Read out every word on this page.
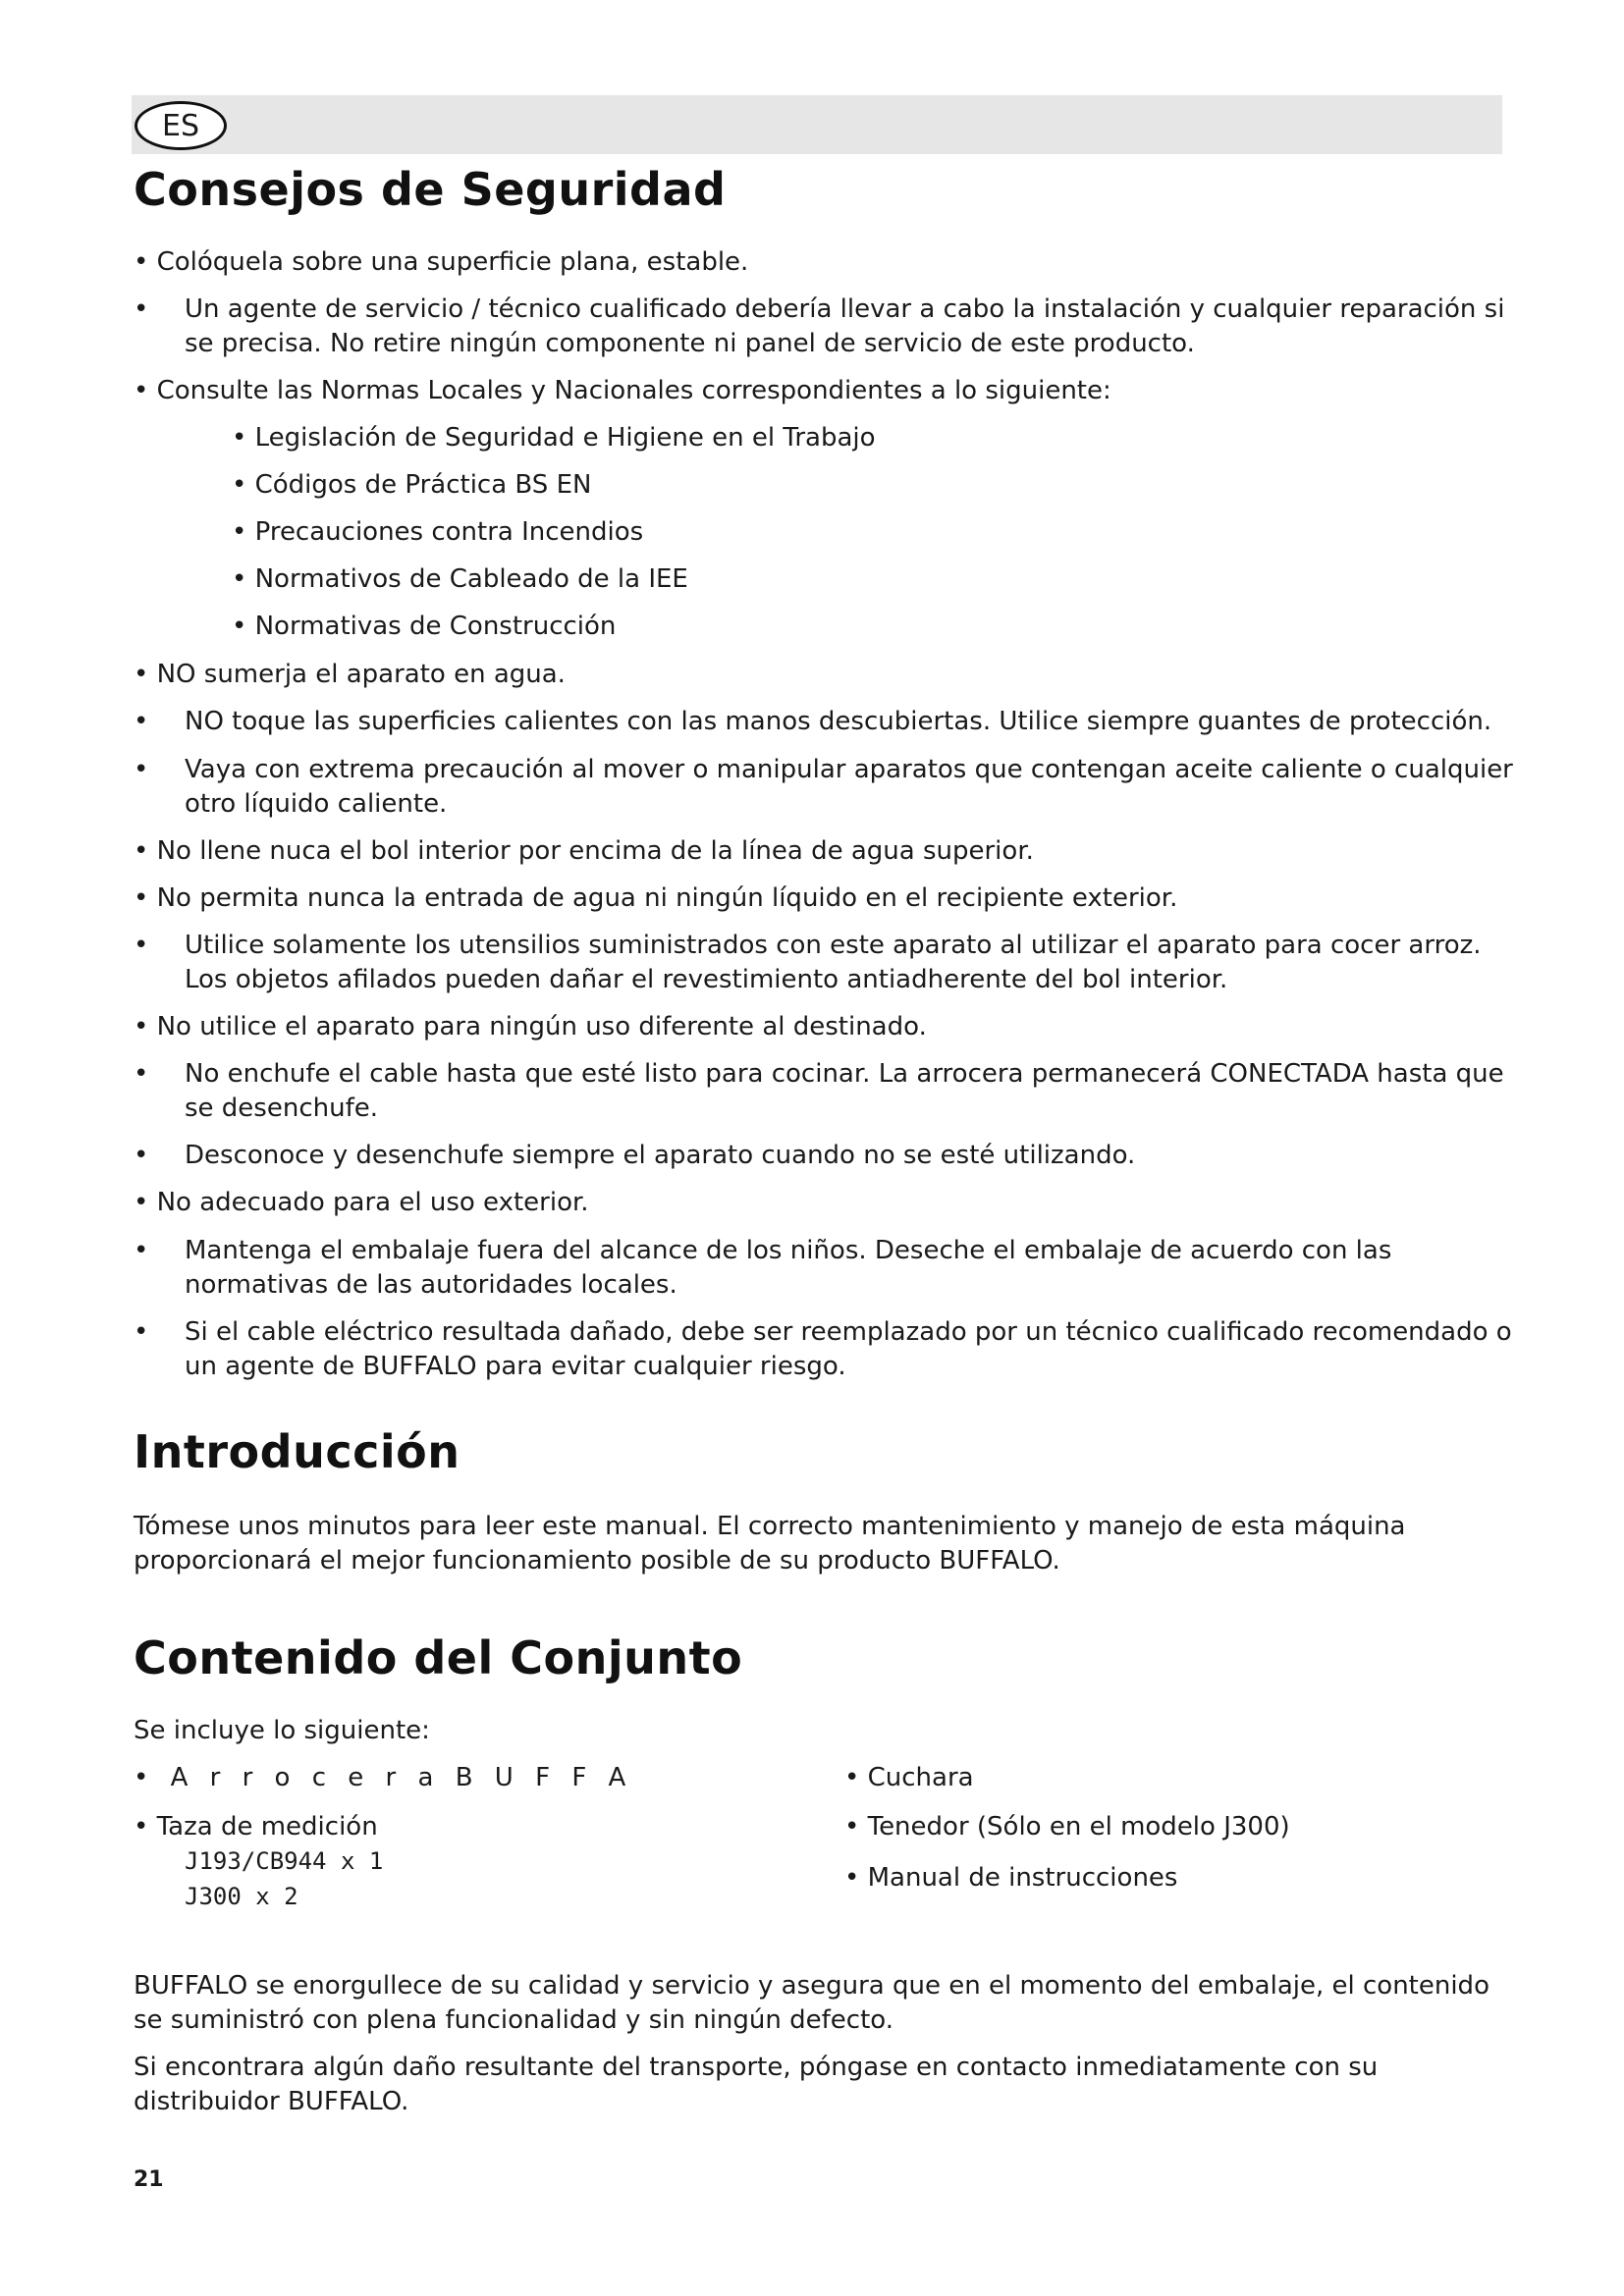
ES
Consejos de Seguridad
• Colóquela sobre una superficie plana, estable.
• Un agente de servicio / técnico cualificado debería llevar a cabo la instalación y cualquier reparación si
se precisa. No retire ningún componente ni panel de servicio de este producto.
• Consulte las Normas Locales y Nacionales correspondientes a lo siguiente:
• Legislación de Seguridad e Higiene en el Trabajo
• Códigos de Práctica BS EN
• Precauciones contra Incendios
• Normativos de Cableado de la IEE
• Normativas de Construcción
• NO sumerja el aparato en agua.
• NO toque las superficies calientes con las manos descubiertas. Utilice siempre guantes de protección.
• Vaya con extrema precaución al mover o manipular aparatos que contengan aceite caliente o cualquier
otro líquido caliente.
• No llene nuca el bol interior por encima de la línea de agua superior.
• No permita nunca la entrada de agua ni ningún líquido en el recipiente exterior.
• Utilice solamente los utensilios suministrados con este aparato al utilizar el aparato para cocer arroz.
Los objetos afilados pueden dañar el revestimiento antiadherente del bol interior.
• No utilice el aparato para ningún uso diferente al destinado.
• No enchufe el cable hasta que esté listo para cocinar. La arrocera permanecerá CONECTADA hasta que
se desenchufe.
• Desconoce y desenchufe siempre el aparato cuando no se esté utilizando.
• No adecuado para el uso exterior.
• Mantenga el embalaje fuera del alcance de los niños. Deseche el embalaje de acuerdo con las
normativas de las autoridades locales.
• Si el cable eléctrico resultada dañado, debe ser reemplazado por un técnico cualificado recomendado o
un agente de BUFFALO para evitar cualquier riesgo.
Introducción
Tómese unos minutos para leer este manual. El correcto mantenimiento y manejo de esta máquina
proporcionará el mejor funcionamiento posible de su producto BUFFALO.
Contenido del Conjunto
Se incluye lo siguiente:
• A r r o c e r a B U F F A	• Cuchara
• Taza de medición
J193/CB944 x 1
J300 x 2
• Tenedor (Sólo en el modelo J300)
• Manual de instrucciones
BUFFALO se enorgullece de su calidad y servicio y asegura que en el momento del embalaje, el contenido
se suministró con plena funcionalidad y sin ningún defecto.
Si encontrara algún daño resultante del transporte, póngase en contacto inmediatamente con su
distribuidor BUFFALO.
21
